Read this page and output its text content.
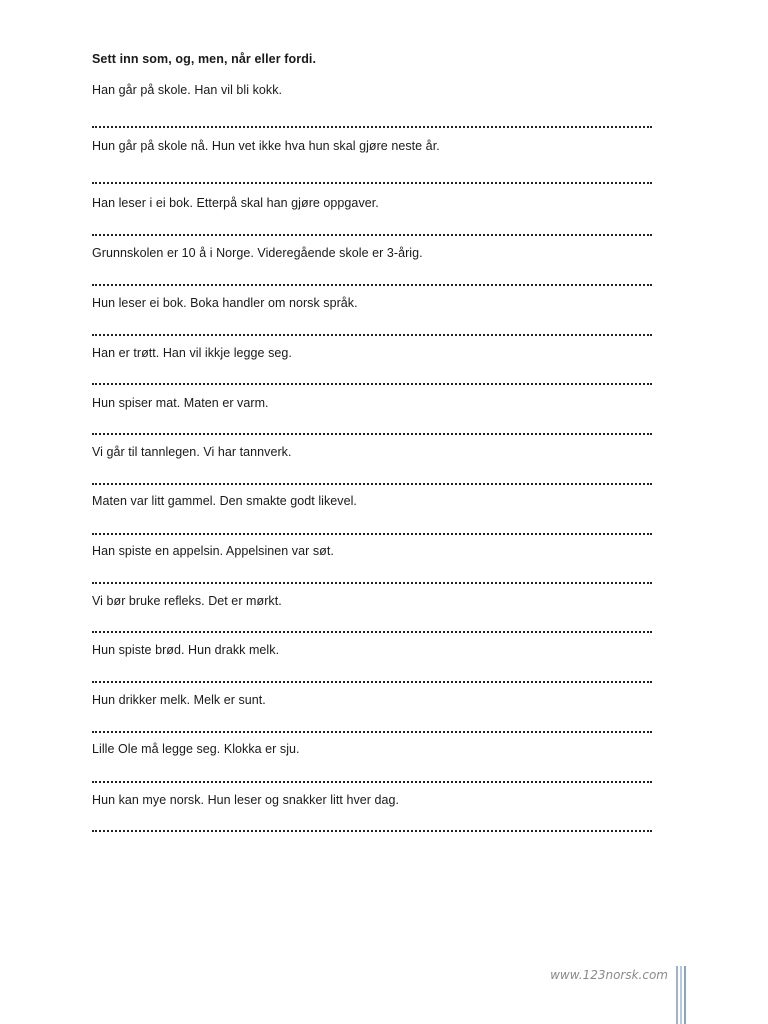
Sett inn som, og, men, når eller fordi.
Han går på skole. Han vil bli kokk.
Hun går på skole nå. Hun vet ikke hva hun skal gjøre neste år.
Han leser i ei bok. Etterpå skal han gjøre oppgaver.
Grunnskolen er 10 å i Norge. Videregående skole er 3-årig.
Hun leser ei bok. Boka handler om norsk språk.
Han er trøtt. Han vil ikkje legge seg.
Hun spiser mat. Maten er varm.
Vi går til tannlegen. Vi har tannverk.
Maten var litt gammel. Den smakte godt likevel.
Han spiste en appelsin. Appelsinen var søt.
Vi bør bruke refleks. Det er mørkt.
Hun spiste brød. Hun drakk melk.
Hun drikker melk. Melk er sunt.
Lille Ole må legge seg. Klokka er sju.
Hun kan mye norsk. Hun leser og snakker litt hver dag.
www.123norsk.com
